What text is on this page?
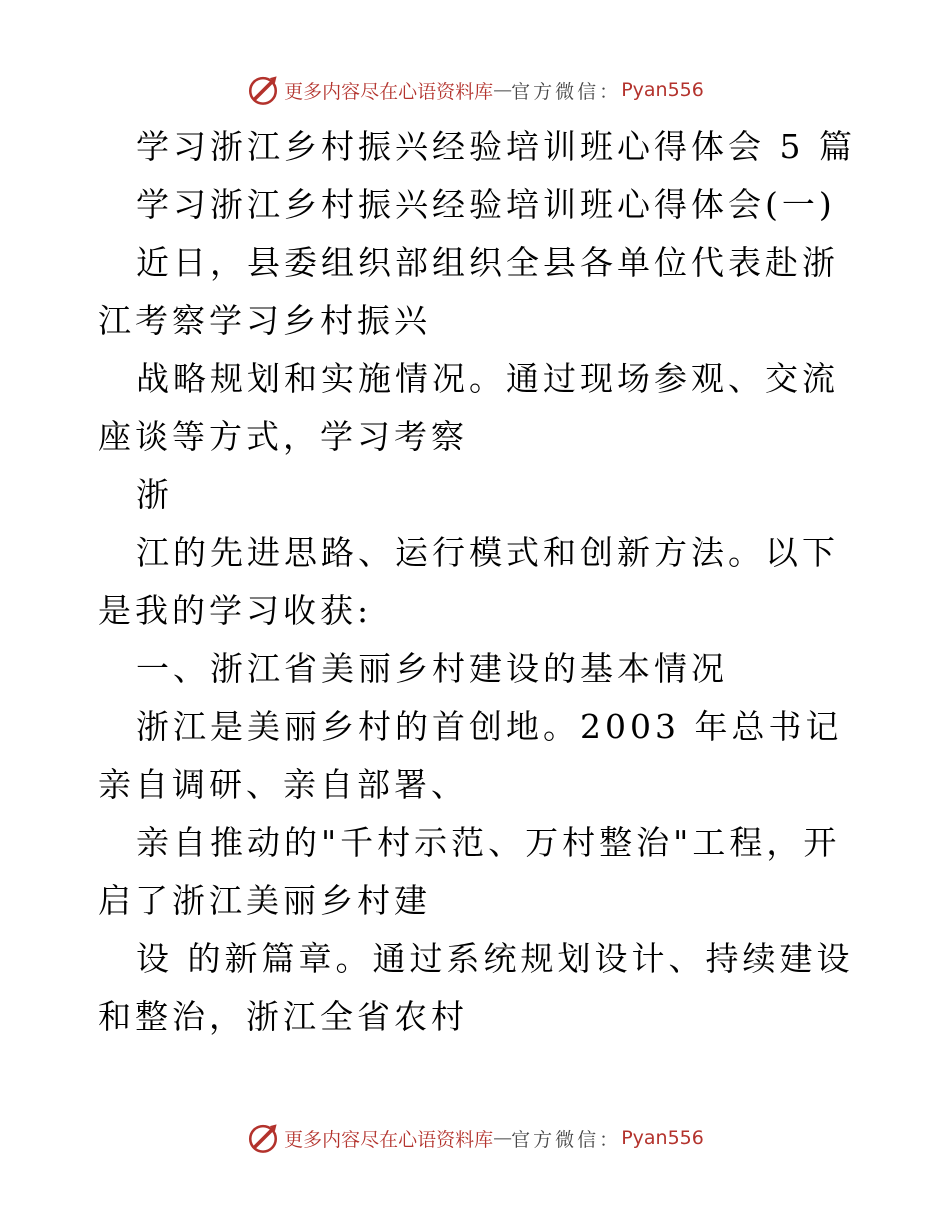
更多内容尽在心语资料库 — 官方微信： Pyan556

学习浙江乡村振兴经验培训班心得体会 5 篇

学习浙江乡村振兴经验培训班心得体会(一)

近日，县委组织部组织全县各单位代表赴浙江考察学习乡村振兴

战略规划和实施情况。通过现场参观、交流座谈等方式，学习考察

浙

江的先进思路、运行模式和创新方法。以下是我的学习收获:

一、浙江省美丽乡村建设的基本情况

浙江是美丽乡村的首创地。2003 年总书记亲自调研、亲自部署、

亲自推动的"千村示范、万村整治"工程，开启了浙江美丽乡村建

设 的新篇章。通过系统规划设计、持续建设和整治，浙江全省农村

更多内容尽在心语资料库 — 官方微信： Pyan556
